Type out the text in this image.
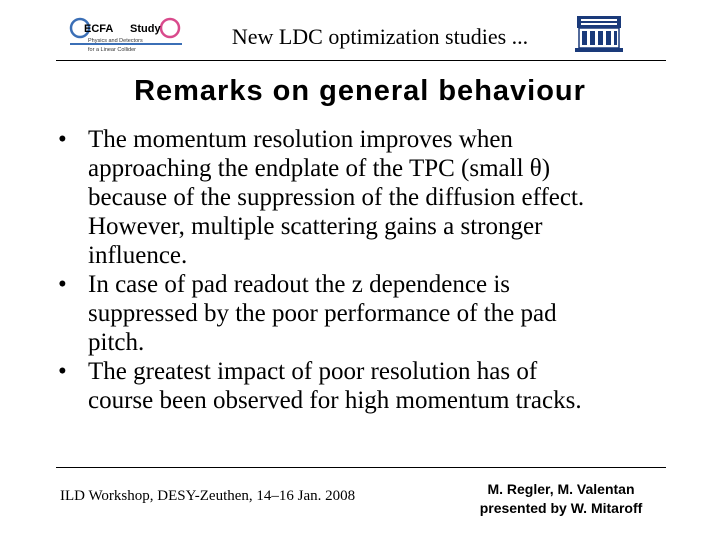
ECFA Study
Physics and Detectors
for a Linear Collider
New LDC optimization studies ...
Remarks on general behaviour
• The momentum resolution improves when
approaching the endplate of the TPC (small θ)
because of the suppression of the diffusion effect.
However, multiple scattering gains a stronger
influence.
• In case of pad readout the z dependence is
suppressed by the poor performance of the pad
pitch.
• The greatest impact of poor resolution has of
course been observed for high momentum tracks.
ILD Workshop, DESY-Zeuthen, 14–16 Jan. 2008	M. Regler, M. Valentan
presented by W. Mitaroff
